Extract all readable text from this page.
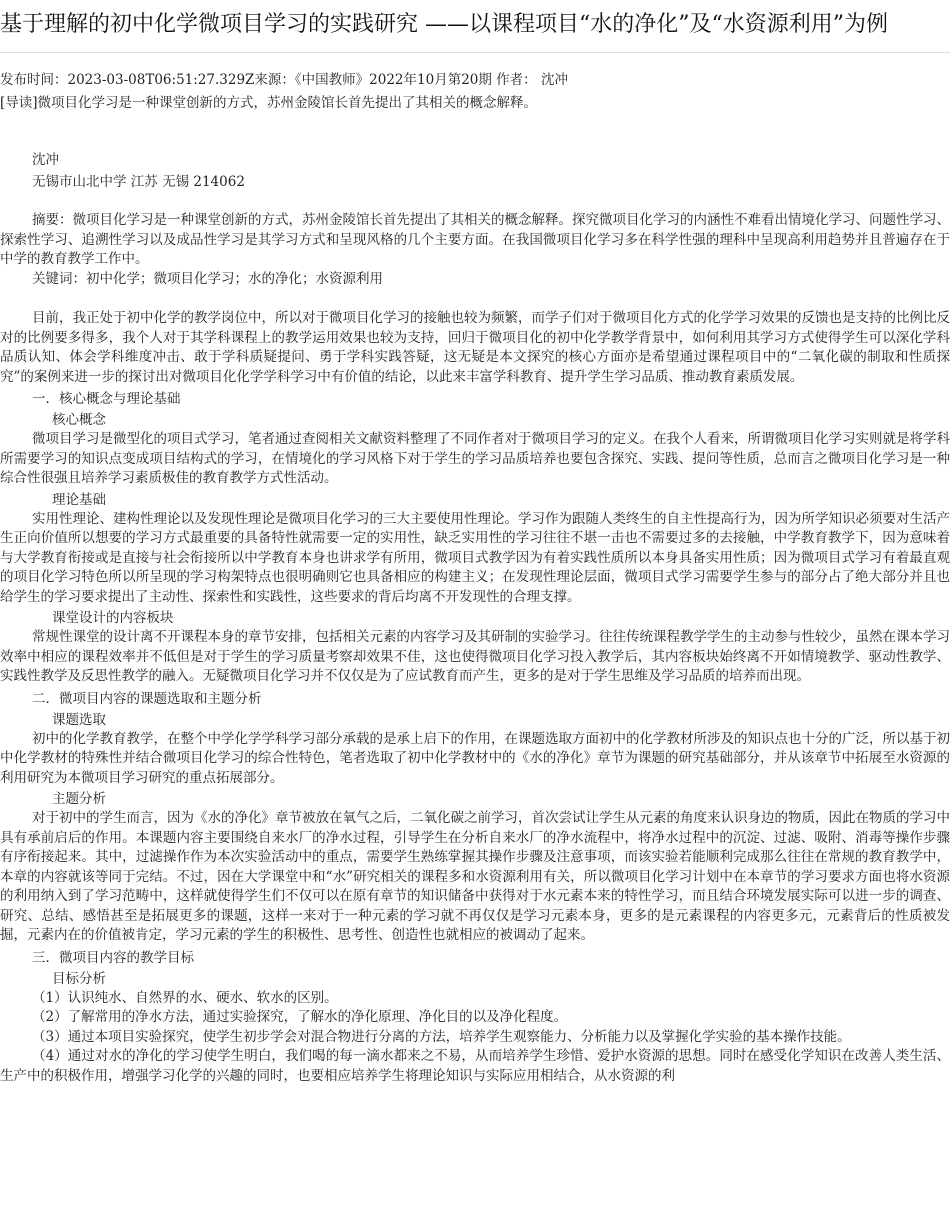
基于理解的初中化学微项目学习的实践研究 ——以课程项目“水的净化”及“水资源利用”为例
发布时间：2023-03-08T06:51:27.329Z来源：《中国教师》2022年10月第20期 作者： 沈冲
[导读]微项目化学习是一种课堂创新的方式，苏州金陵馆长首先提出了其相关的概念解释。
沈冲
无锡市山北中学 江苏 无锡 214062

摘要：微项目化学习是一种课堂创新的方式，苏州金陵馆长首先提出了其相关的概念解释。探究微项目化学习的内涵性不难看出情境化学习、问题性学习、探索性学习、追溯性学习以及成品性学习是其学习方式和呈现风格的几个主要方面。在我国微项目化学习多在科学性强的理科中呈现高利用趋势并且普遍存在于中学的教育教学工作中。

关键词：初中化学；微项目化学习；水的净化；水资源利用

目前，我正处于初中化学的教学岗位中，所以对于微项目化学习的接触也较为频繁，而学子们对于微项目化方式的化学学习效果的反馈也是支持的比例比反对的比例要多得多，我个人对于其学科课程上的教学运用效果也较为支持，回归于微项目化的初中化学教学背景中，如何利用其学习方式使得学生可以深化学科品质认知、体会学科维度冲击、敢于学科质疑提问、勇于学科实践答疑，这无疑是本文探究的核心方面亦是希望通过课程项目中的“二氧化碳的制取和性质探究”的案例来进一步的探讨出对微项目化化学学科学习中有价值的结论，以此来丰富学科教育、提升学生学习品质、推动教育素质发展。

一．核心概念与理论基础
核心概念

微项目学习是微型化的项目式学习，笔者通过查阅相关文献资料整理了不同作者对于微项目学习的定义。在我个人看来，所谓微项目化学习实则就是将学科所需要学习的知识点变成项目结构式的学习，在情境化的学习风格下对于学生的学习品质培养也要包含探究、实践、提问等性质，总而言之微项目化学习是一种综合性很强且培养学习素质极佳的教育教学方式性活动。

理论基础

实用性理论、建构性理论以及发现性理论是微项目化学习的三大主要使用性理论。学习作为跟随人类终生的自主性提高行为，因为所学知识必须要对生活产生正向价值所以想要的学习方式最重要的具备特性就需要一定的实用性，缺乏实用性的学习往往不堪一击也不需要过多的去接触，中学教育教学下，因为意味着与大学教育衔接或是直接与社会衔接所以中学教育本身也讲求学有所用，微项目式教学因为有着实践性质所以本身具备实用性质；因为微项目式学习有着最直观的项目化学习特色所以所呈现的学习构架特点也很明确则它也具备相应的构建主义；在发现性理论层面，微项目式学习需要学生参与的部分占了绝大部分并且也给学生的学习要求提出了主动性、探索性和实践性，这些要求的背后均离不开发现性的合理支撑。

课堂设计的内容板块

常规性课堂的设计离不开课程本身的章节安排，包括相关元素的内容学习及其研制的实验学习。往往传统课程教学学生的主动参与性较少，虽然在课本学习效率中相应的课程效率并不低但是对于学生的学习质量考察却效果不佳，这也使得微项目化学习投入教学后，其内容板块始终离不开如情境教学、驱动性教学、实践性教学及反思性教学的融入。无疑微项目化学习并不仅仅是为了应试教育而产生，更多的是对于学生思维及学习品质的培养而出现。

二．微项目内容的课题选取和主题分析
课题选取

初中的化学教育教学，在整个中学化学学科学习部分承载的是承上启下的作用，在课题选取方面初中的化学教材所涉及的知识点也十分的广泛，所以基于初中化学教材的特殊性并结合微项目化学习的综合性特色，笔者选取了初中化学教材中的《水的净化》章节为课题的研究基础部分，并从该章节中拓展至水资源的利用研究为本微项目学习研究的重点拓展部分。

主题分析

对于初中的学生而言，因为《水的净化》章节被放在氧气之后，二氧化碳之前学习，首次尝试让学生从元素的角度来认识身边的物质，因此在物质的学习中具有承前启后的作用。本课题内容主要围绕自来水厂的净水过程，引导学生在分析自来水厂的净水流程中，将净水过程中的沉淀、过滤、吸附、消毒等操作步骤有序衔接起来。其中，过滤操作作为本次实验活动中的重点，需要学生熟练掌握其操作步骤及注意事项，而该实验若能顺利完成那么往往在常规的教育教学中，本章的内容就该等同于完结。不过，因在大学课堂中和“水”研究相关的课程多和水资源利用有关，所以微项目化学习计划中在本章节的学习要求方面也将水资源的利用纳入到了学习范畴中，这样就使得学生们不仅可以在原有章节的知识储备中获得对于水元素本来的特性学习，而且结合环境发展实际可以进一步的调查、研究、总结、感悟甚至是拓展更多的课题，这样一来对于一种元素的学习就不再仅仅是学习元素本身，更多的是元素课程的内容更多元，元素背后的性质被发掘，元素内在的价值被肯定，学习元素的学生的积极性、思考性、创造性也就相应的被调动了起来。

三．微项目内容的教学目标
目标分析

（1）认识纯水、自然界的水、硬水、软水的区别。

（2）了解常用的净水方法，通过实验探究，了解水的净化原理、净化目的以及净化程度。

（3）通过本项目实验探究，使学生初步学会对混合物进行分离的方法，培养学生观察能力、分析能力以及掌握化学实验的基本操作技能。

（4）通过对水的净化的学习使学生明白，我们喝的每一滴水都来之不易，从而培养学生珍惜、爱护水资源的思想。同时在感受化学知识在改善人类生活、生产中的积极作用，增强学习化学的兴趣的同时，也要相应培养学生将理论知识与实际应用相结合，从水资源的利
